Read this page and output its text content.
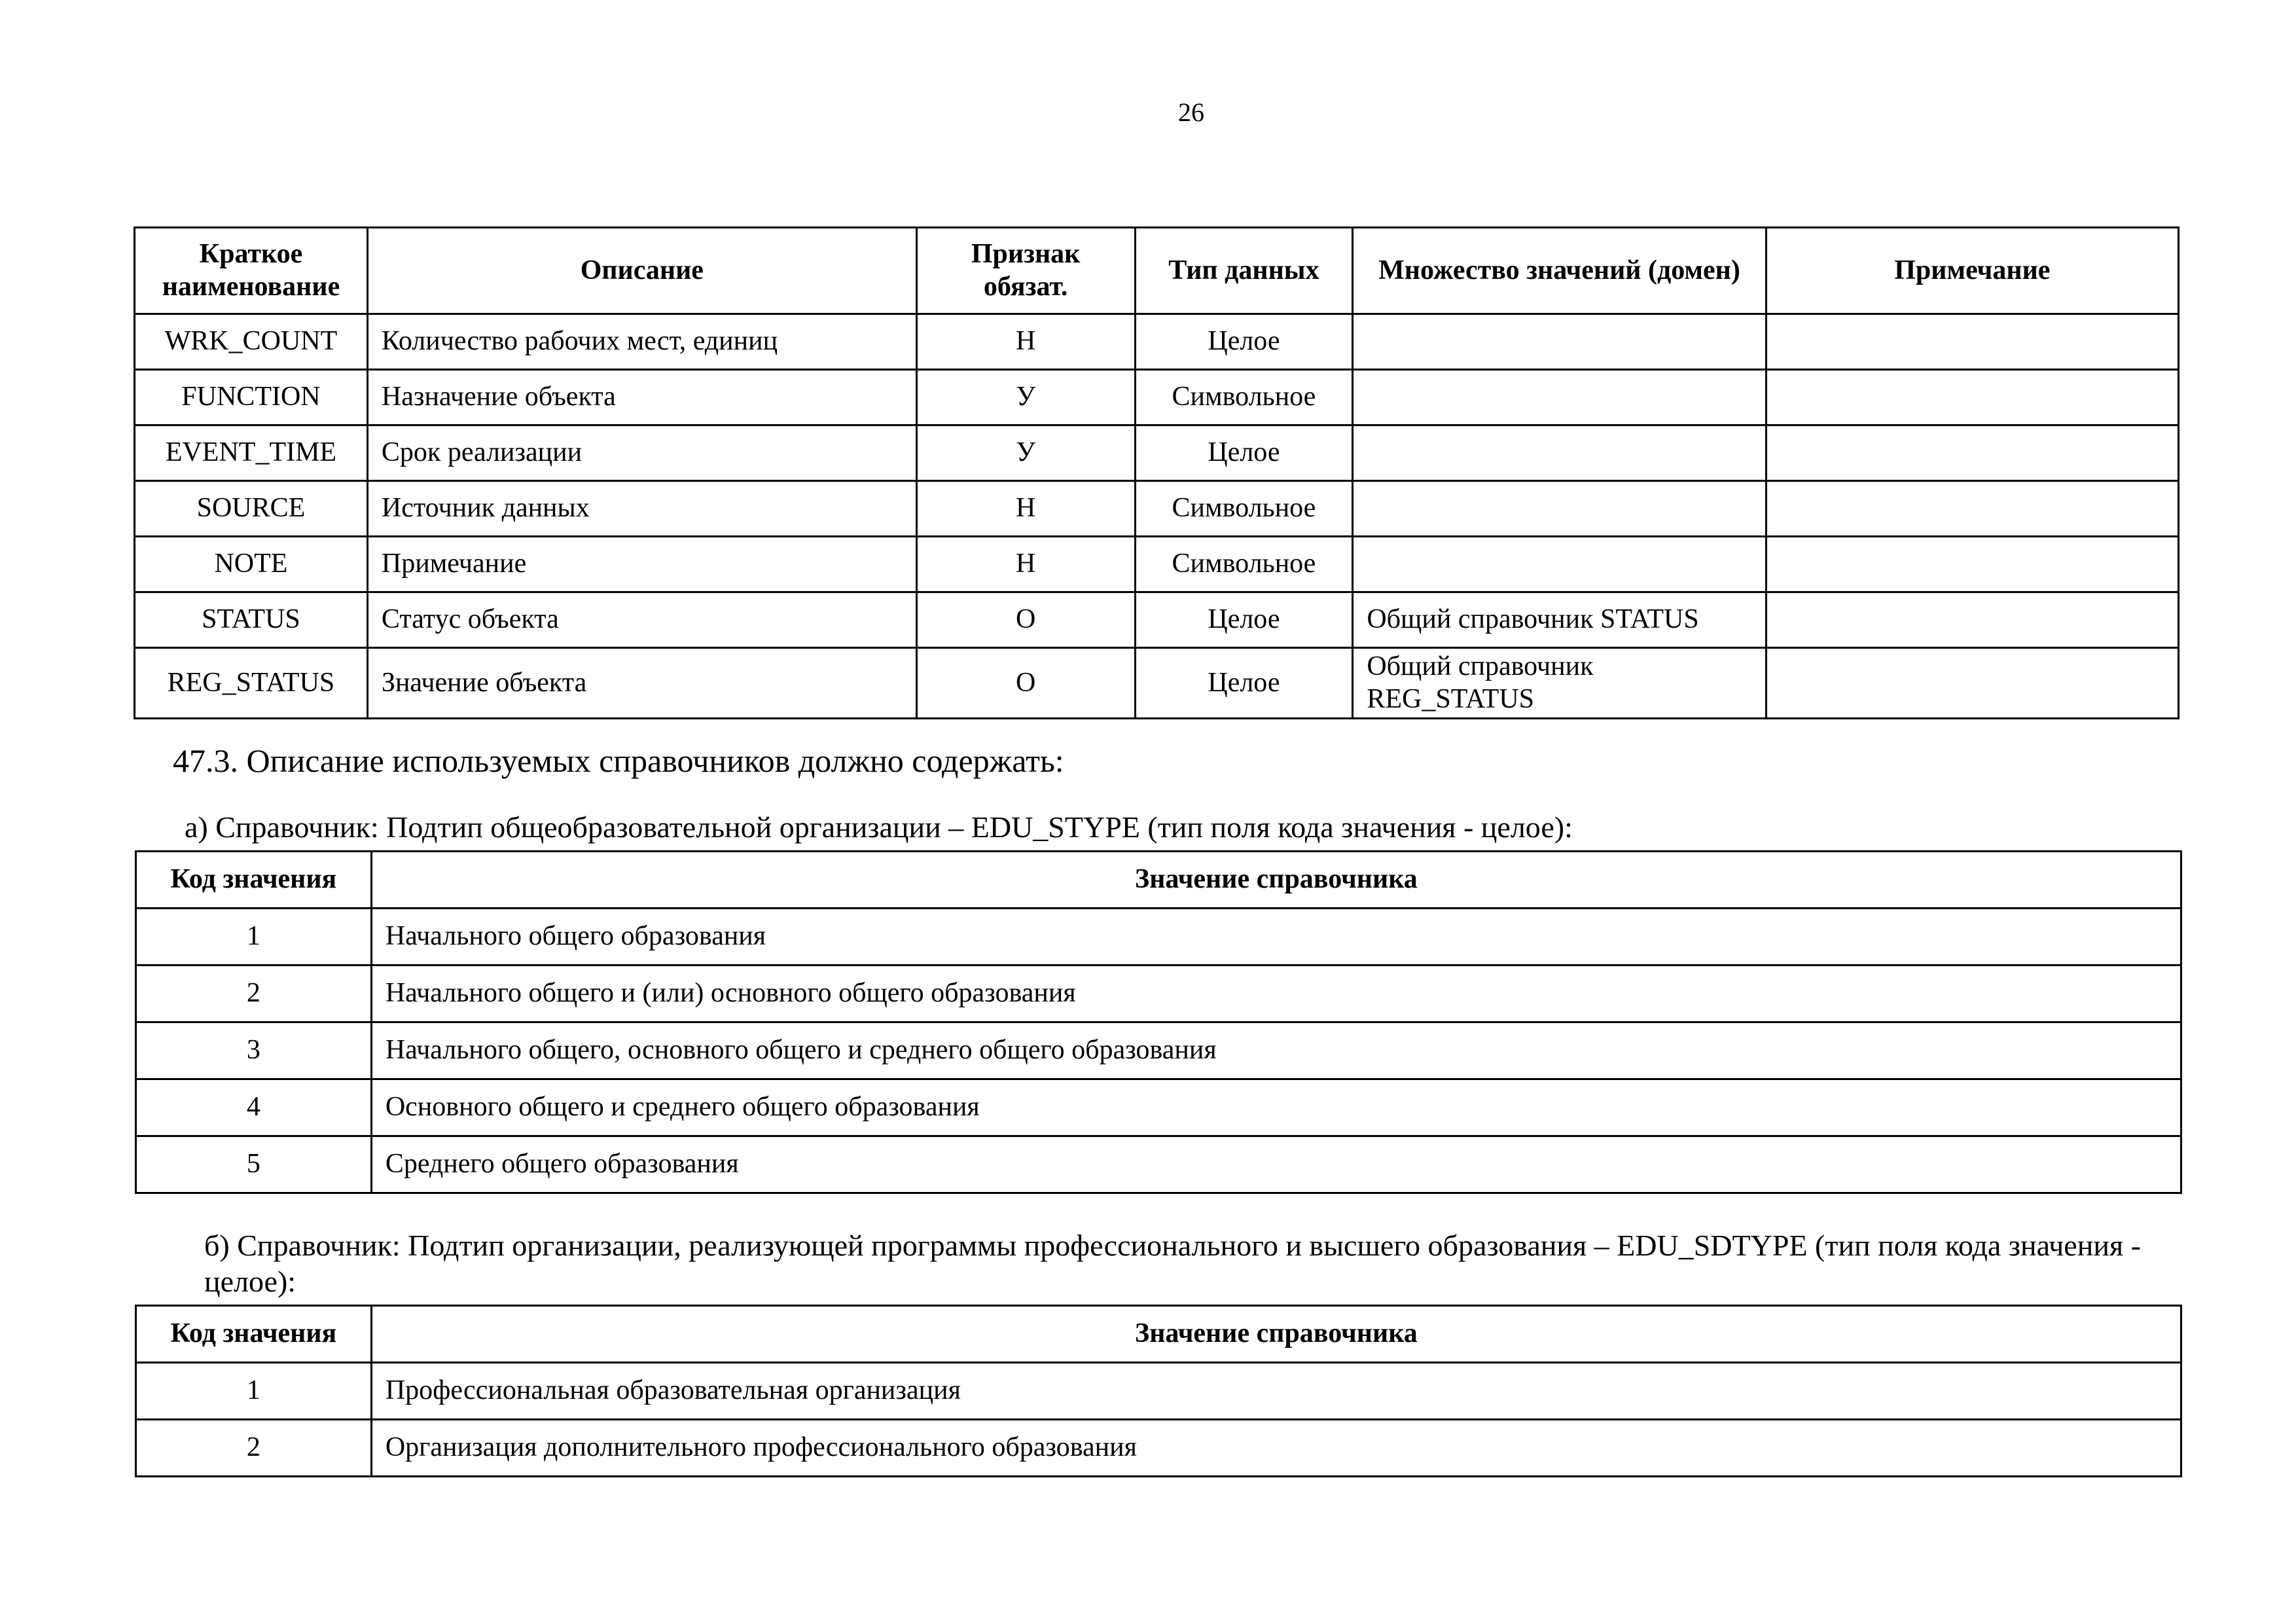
26
Краткое наименование	Описание	Признак обязат.	Тип данных	Множество значений (домен)	Примечание
WRK_COUNT	Количество рабочих мест, единиц	Н	Целое		
FUNCTION	Назначение объекта	У	Символьное		
EVENT_TIME	Срок реализации	У	Целое		
SOURCE	Источник данных	Н	Символьное		
NOTE	Примечание	Н	Символьное		
STATUS	Статус объекта	О	Целое	Общий справочник STATUS	
REG_STATUS	Значение объекта	О	Целое	Общий справочник REG_STATUS	
47.3. Описание используемых справочников должно содержать:
а) Справочник: Подтип общеобразовательной организации – EDU_STYPE (тип поля кода значения - целое):
Код значения	Значение справочника
1	Начального общего образования
2	Начального общего и (или) основного общего образования
3	Начального общего, основного общего и среднего общего образования
4	Основного общего и среднего общего образования
5	Среднего общего образования
б) Справочник: Подтип организации, реализующей программы профессионального и высшего образования – EDU_SDTYPE (тип поля кода значения - целое):
Код значения	Значение справочника
1	Профессиональная образовательная организация
2	Организация дополнительного профессионального образования
